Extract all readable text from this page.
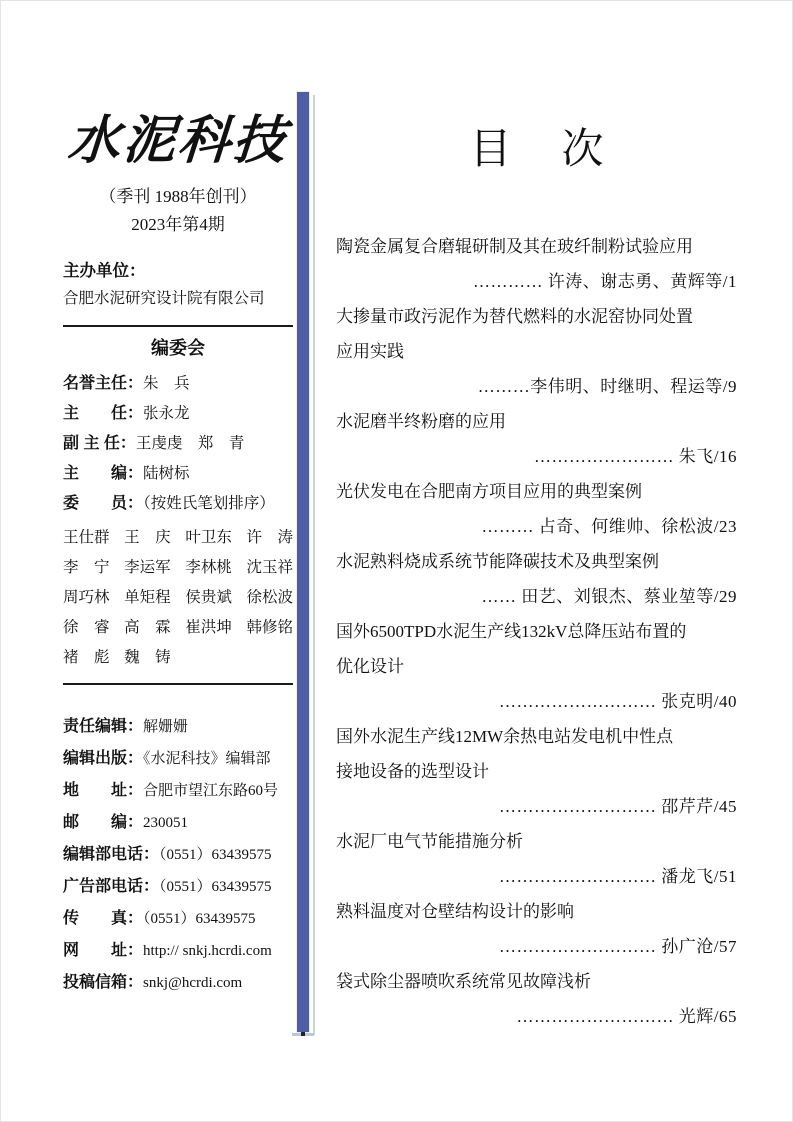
水泥科技
（季刊 1988年创刊）
2023年第4期
主办单位：
合肥水泥研究设计院有限公司
编委会
名誉主任：朱　兵
主　　任：张永龙
副 主 任：王虔虔　郑　青
主　　编：陆树标
委　　员：（按姓氏笔划排序）
王仕群 王　庆 叶卫东 许　涛
李　宁 李运军 李林桃 沈玉祥
周巧林 单矩程 侯贵斌 徐松波
徐　睿 高　霖 崔洪坤 韩修铭
褚　彪 魏　铸
责任编辑：解姗姗
编辑出版：《水泥科技》编辑部
地　　址：合肥市望江东路60号
邮　　编：230051
编辑部电话：（0551）63439575
广告部电话：（0551）63439575
传　　真：（0551）63439575
网　　址：http:// snkj.hcrdi.com
投稿信箱：snkj@hcrdi.com
目　次
陶瓷金属复合磨辊研制及其在玻纤制粉试验应用
………… 许涛、谢志勇、黄辉等/1
大掺量市政污泥作为替代燃料的水泥窑协同处置
应用实践
………李伟明、时继明、程运等/9
水泥磨半终粉磨的应用
…………………… 朱飞/16
光伏发电在合肥南方项目应用的典型案例
……… 占奇、何维帅、徐松波/23
水泥熟料烧成系统节能降碳技术及典型案例
…… 田艺、刘银杰、蔡业堃等/29
国外6500TPD水泥生产线132kV总降压站布置的
优化设计
……………………… 张克明/40
国外水泥生产线12MW余热电站发电机中性点
接地设备的选型设计
……………………… 邵芹芹/45
水泥厂电气节能措施分析
……………………… 潘龙飞/51
熟料温度对仓壁结构设计的影响
……………………… 孙广沧/57
袋式除尘器喷吹系统常见故障浅析
……………………… 光辉/65
